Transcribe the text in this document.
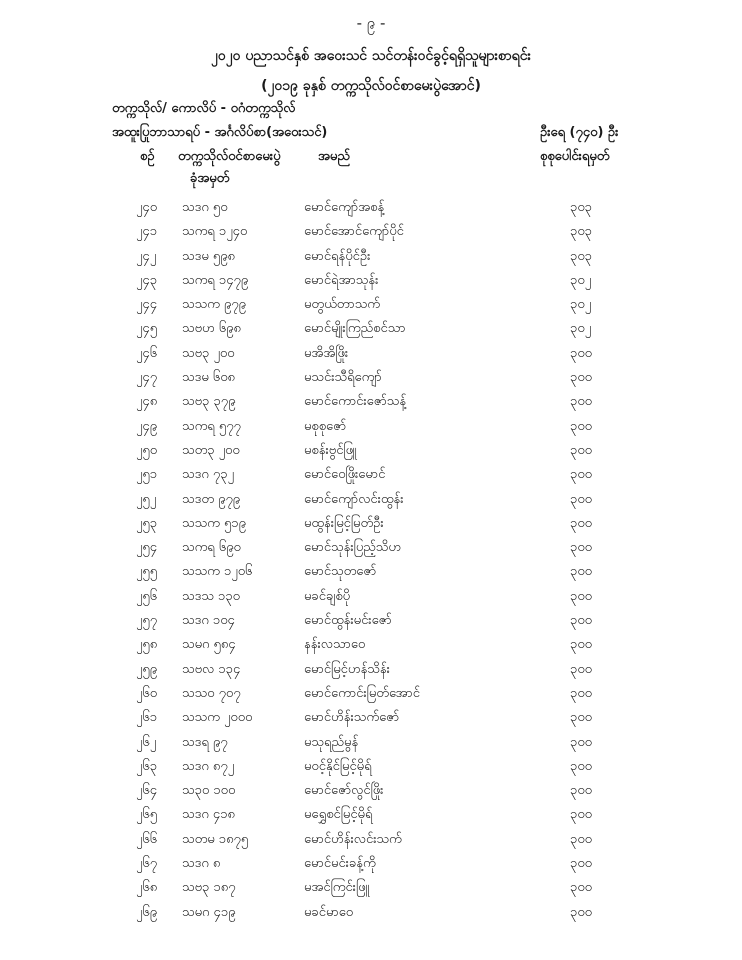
- ၉ -
၂၀၂၀ ပညာသင်နှစ် အဝေးသင် သင်တန်းဝင်ခွင့်ရရှိသူများစာရင်း
(၂၀၁၉ ခုနှစ် တက္ကသိုလ်ဝင်စာမေးပွဲအောင်)
တက္ကသိုလ်/ ကောလိပ် - ဝဂံတက္ကသိုလ်
အထူးပြုဘာသာရပ် - အင်္ဂလိပ်စာ(အဝေးသင်)	ဦးရေ (၇၄၀) ဦး
စဉ် တက္ကသိုလ်ဝင်စာမေးပွဲ
ခုံအမှတ်
အမည်	စုစုပေါင်းရမှတ်
၂၄၀ သဒဂ ၅၀	မောင်ကျော်အစန့်	၃၀၃
၂၄၁ သကရ ၁၂၄၀	မောင်အောင်ကျော်ပိုင်	၃၀၃
၂၄၂ သဒမ ၅၉၈	မောင်ရန်ပိုင်ဦး	၃၀၃
၂၄၃ သကရ ၁၄၇၉	မောင်ရဲအာသုန်း	၃၀၂
၂၄၄ သသက ၉၇၉	မတွယ်တာသက်	၃၀၂
၂၄၅ သဗဟ ၆၉၈	မောင်မျိုးကြည်စင်သာ	၃၀၂
၂၄၆ သဗ၃ ၂၀၀	မအိအိဖြိုး	၃၀၀
၂၄၇ သဒမ ၆၀၈	မသင်းသီရိကျော်	၃၀၀
၂၄၈ သဗ၃ ၃၇၉	မောင်ကောင်းဇော်သန့်	၃၀၀
၂၄၉ သကရ ၅၇၇	မစုစုဇော်	၃၀၀
၂၅၀ သတ၃ ၂၀၀	မစန်းဗွင်ဖြူ	၃၀၀
၂၅၁ သဒဂ ၇၃၂	မောင်ဝေဖြိုးမောင်	၃၀၀
၂၅၂ သဒတ ၉၇၉	မောင်ကျော်လင်းထွန်း	၃၀၀
၂၅၃ သသက ၅၁၉	မထွန်းမြင့်မြတ်ဦး	၃၀၀
၂၅၄ သကရ ၆၉၀	မောင်သုန်းပြည့်သိဟ	၃၀၀
၂၅၅ သသက ၁၂၀၆	မောင်သုတဇော်	၃၀၀
၂၅၆ သဒသ ၁၃၀	မခင်ချစ်ပို	၃၀၀
၂၅၇ သဒဂ ၁၀၄	မောင်ထွန်းမင်းဇော်	၃၀၀
၂၅၈ သမဂ ၅၈၄	နန်းလသာဝေ	၃၀၀
၂၅၉ သဗလ ၁၃၄	မောင်မြင့်ဟန်သိန်း	၃၀၀
၂၆၀ သသဝ ၇၀၇	မောင်ကောင်းမြတ်အောင်	၃၀၀
၂၆၁ သသက ၂၀၀၀	မောင်ဟိန်းသက်ဇော်	၃၀၀
၂၆၂ သဒရ ၉၇	မသုရည်မွန်	၃၀၀
၂၆၃ သဒဂ ၈၇၂	မဝင့်နိုင်မြင့်မိုရ်	၃၀၀
၂၆၄ သ၃ဝ ၁၀၀	မောင်ဇော်လွင်ဖြိုး	၃၀၀
၂၆၅ သဒဂ ၄၁၈	မရွှေစင်မြင့်မိုရ်	၃၀၀
၂၆၆ သတမ ၁၈၇၅	မောင်ဟိန်းလင်းသက်	၃၀၀
၂၆၇ သဒဂ ၈	မောင်မင်းခန့်ကို	၃၀၀
၂၆၈ သဗ၃ ၁၈၇	မအင်ကြင်းဖြူ	၃၀၀
၂၆၉ သမဂ ၄၁၉	မခင်မာဝေ	၃၀၀
